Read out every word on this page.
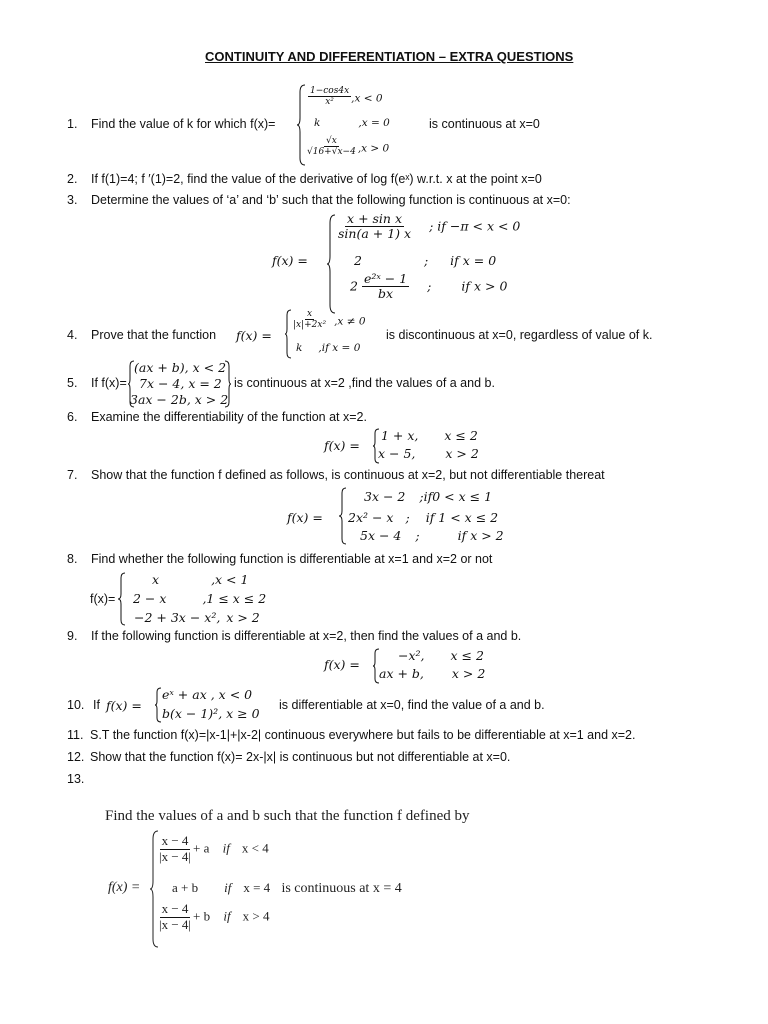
CONTINUITY AND DIFFERENTIATION – EXTRA QUESTIONS
1. Find the value of k for which f(x)=
$\frac{1-\cos 4x}{\text{x²}} ,x < 0$
k	,x = 0
$\frac{√x}{√16+√x-4} ,x > 0$
is continuous at x=0
2. If f(1)=4; f ′(1)=2, find the value of the derivative of log f(eˣ) w.r.t. x at the point x=0
3. Determine the values of ‘a’ and ‘b’ such that the following function is continuous at x=0:
f(x) =
$\frac{\text{x + sin x}}{\sin(a + 1) x}$ ; if −π < x < 0
2	; if x = 0
$2 \frac{\text{e²ˣ − 1}}{bx}$ ; if x > 0
4. Prove that the function f(x) =
$\frac{x}{\text{|x|+2x²}} ,x \ne 0$
k ,if x = 0
is discontinuous at x=0, regardless of value of k.
5. If f(x)=
(ax + b), x < 2
7x − 4, x = 2
3ax − 2b, x > 2
is continuous at x=2 ,find the values of a and b.
6. Examine the differentiability of the function at x=2.
f(x) =
1 + x, x ≤ 2
x − 5, x > 2
7. Show that the function f defined as follows, is continuous at x=2, but not differentiable thereat
f(x) =
3x − 2 ;if0 < x ≤ 1
2x² − x ; if 1 < x ≤ 2
5x − 4 ;	if x > 2
8. Find whether the following function is differentiable at x=1 and x=2 or not
f(x)=
x	,x < 1
2 − x	,1 ≤ x ≤ 2
−2 + 3x − x², x > 2
9. If the following function is differentiable at x=2, then find the values of a and b.
f(x) =
−x², x ≤ 2
ax + b, x > 2
10. If f(x) =
eˣ + ax , x < 0
b(x − 1)², x ≥ 0
is differentiable at x=0, find the value of a and b.
11. S.T the function f(x)=|x-1|+|x-2| continuous everywhere but fails to be differentiable at x=1 and x=2.
12. Show that the function f(x)= 2x-|x| is continuous but not differentiable at x=0.
13.
Find the values of a and b such that the function f defined by
f(x) =
$\frac{x - 4}{|x - 4|} + a$ if x < 4
a + b if x = 4 is continuous at x = 4
$\frac{x - 4}{|x - 4|} + b$ if x > 4
